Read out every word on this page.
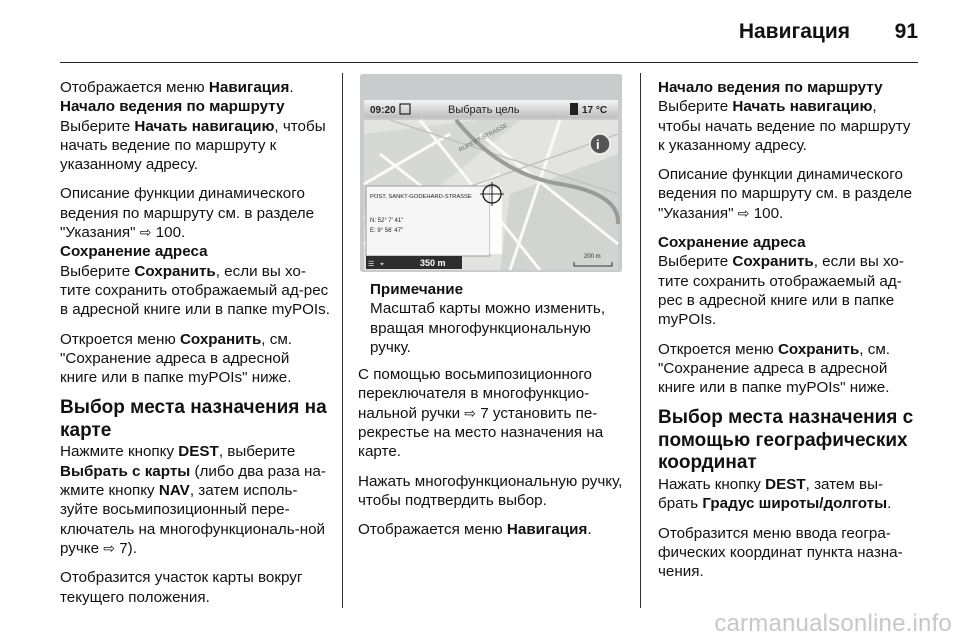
Навигация 91

Отображается меню Навигация.

Начало ведения по маршруту

Выберите Начать навигацию, чтобы начать ведение по маршруту к указанному адресу.

Описание функции динамического ведения по маршруту см. в разделе "Указания" ⇨ 100.

Сохранение адреса

Выберите Сохранить, если вы хо-тите сохранить отображаемый ад-рес в адресной книге или в папке myPOIs.

Откроется меню Сохранить, см. "Сохранение адреса в адресной книге или в папке myPOIs" ниже.

Выбор места назначения на карте

Нажмите кнопку DEST, выберите Выбрать с карты (либо два раза на-жмите кнопку NAV, затем исполь-зуйте восьмипозиционный пере-ключатель на многофункциональ-ной ручке ⇨ 7).

Отобразится участок карты вокруг текущего положения.

09:20	Выбрать цель	17 °C
i
RUPERT-STRASSE
POST, SANKT-GODEHARD-STRASSE
N: 52° 7' 41"
E: 9° 56' 47"
☰ ⌖	350 m
200 m
Примечание

Масштаб карты можно изменить, вращая многофункциональную ручку.

С помощью восьмипозиционного переключателя в многофункцио-нальной ручки ⇨ 7 установить пе-рекрестье на место назначения на карте.

Нажать многофункциональную ручку, чтобы подтвердить выбор.

Отображается меню Навигация.

Начало ведения по маршруту

Выберите Начать навигацию, чтобы начать ведение по маршруту к указанному адресу.

Описание функции динамического ведения по маршруту см. в разделе "Указания" ⇨ 100.

Сохранение адреса

Выберите Сохранить, если вы хо-тите сохранить отображаемый ад-рес в адресной книге или в папке myPOIs.

Откроется меню Сохранить, см. "Сохранение адреса в адресной книге или в папке myPOIs" ниже.

Выбор места назначения с помощью географических координат

Нажать кнопку DEST, затем вы-брать Градус широты/долготы.

Отобразится меню ввода геогра-фических координат пункта назна-чения.

carmanualsonline.info
